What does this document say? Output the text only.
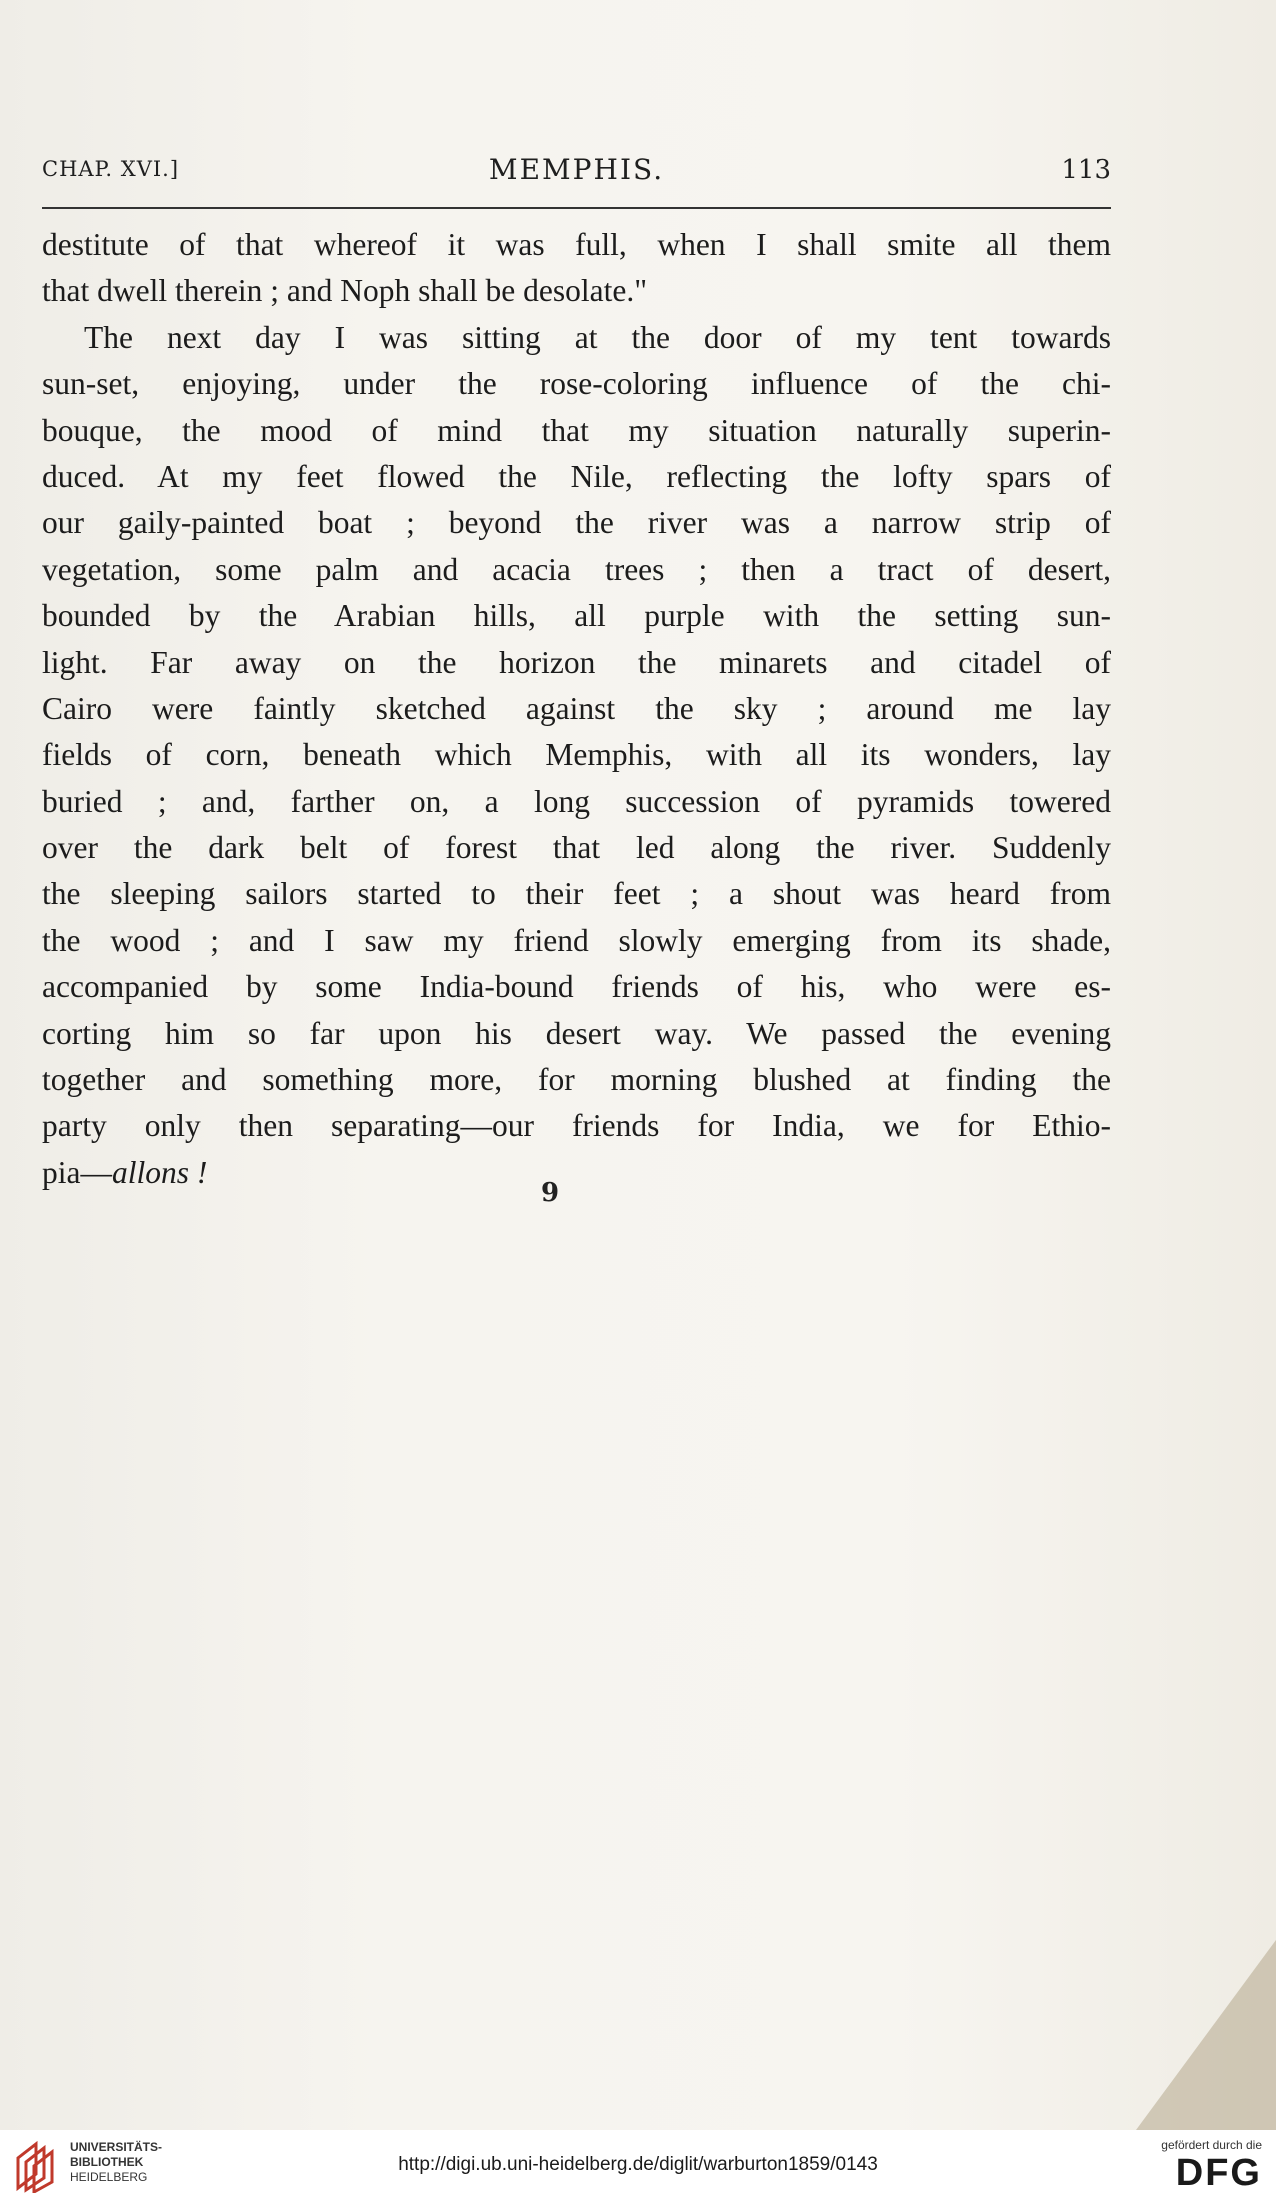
CHAP. XVI.]	MEMPHIS.	113
destitute of that whereof it was full, when I shall smite all them
that dwell therein ; and Noph shall be desolate."
The next day I was sitting at the door of my tent towards
sun-set, enjoying, under the rose-coloring influence of the chi-
bouque, the mood of mind that my situation naturally superin-
duced. At my feet flowed the Nile, reflecting the lofty spars of
our gaily-painted boat ; beyond the river was a narrow strip of
vegetation, some palm and acacia trees ; then a tract of desert,
bounded by the Arabian hills, all purple with the setting sun-
light. Far away on the horizon the minarets and citadel of
Cairo were faintly sketched against the sky ; around me lay
fields of corn, beneath which Memphis, with all its wonders, lay
buried ; and, farther on, a long succession of pyramids towered
over the dark belt of forest that led along the river. Suddenly
the sleeping sailors started to their feet ; a shout was heard from
the wood ; and I saw my friend slowly emerging from its shade,
accompanied by some India-bound friends of his, who were es-
corting him so far upon his desert way. We passed the evening
together and something more, for morning blushed at finding the
party only then separating—our friends for India, we for Ethio-
pia—allons !
9
UNIVERSITÄTS-
BIBLIOTHEK
HEIDELBERG
http://digi.ub.uni-heidelberg.de/diglit/warburton1859/0143
gefördert durch die
DFG
